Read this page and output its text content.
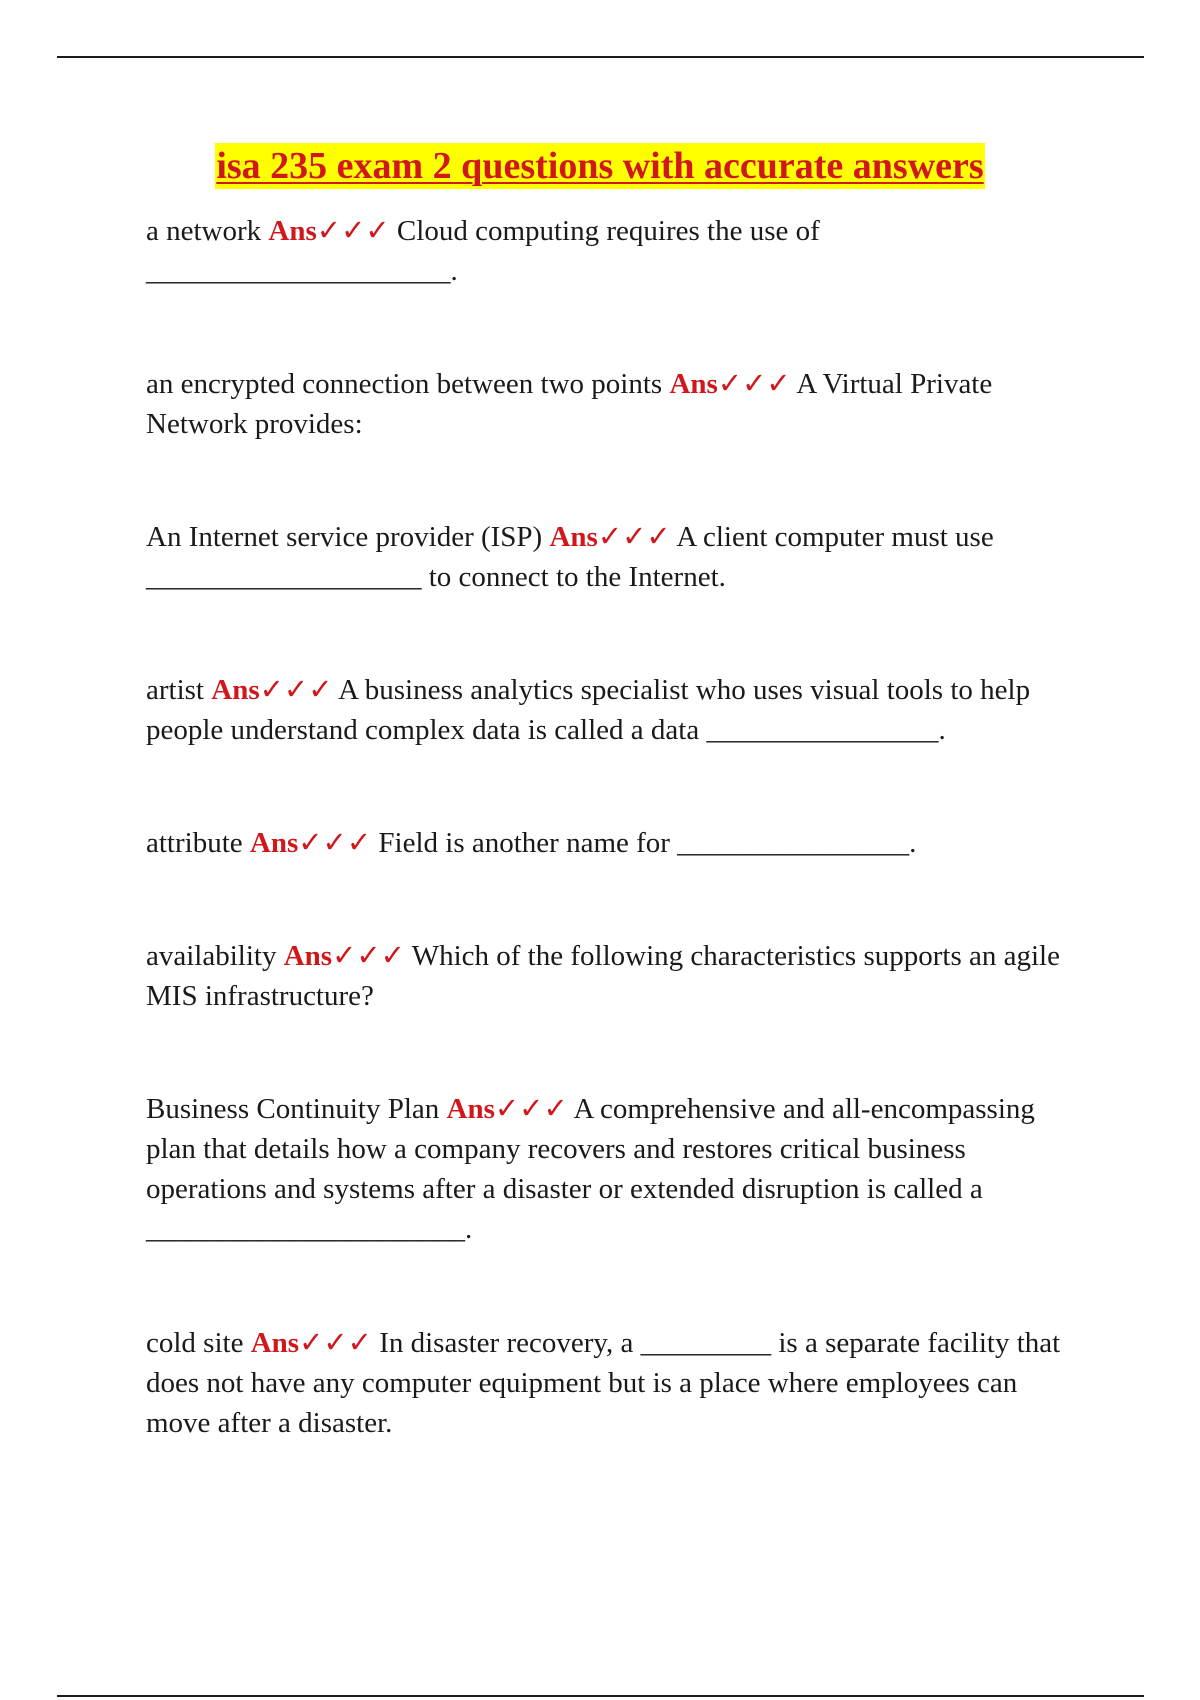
isa 235 exam 2 questions with accurate answers

a network Ans✓✓✓ Cloud computing requires the use of _____________________.

an encrypted connection between two points Ans✓✓✓ A Virtual Private Network provides:

An Internet service provider (ISP) Ans✓✓✓ A client computer must use ___________________ to connect to the Internet.

artist Ans✓✓✓ A business analytics specialist who uses visual tools to help people understand complex data is called a data ________________.

attribute Ans✓✓✓ Field is another name for ________________.

availability Ans✓✓✓ Which of the following characteristics supports an agile MIS infrastructure?

Business Continuity Plan Ans✓✓✓ A comprehensive and all-encompassing plan that details how a company recovers and restores critical business operations and systems after a disaster or extended disruption is called a ______________________.

cold site Ans✓✓✓ In disaster recovery, a _________ is a separate facility that does not have any computer equipment but is a place where employees can move after a disaster.
